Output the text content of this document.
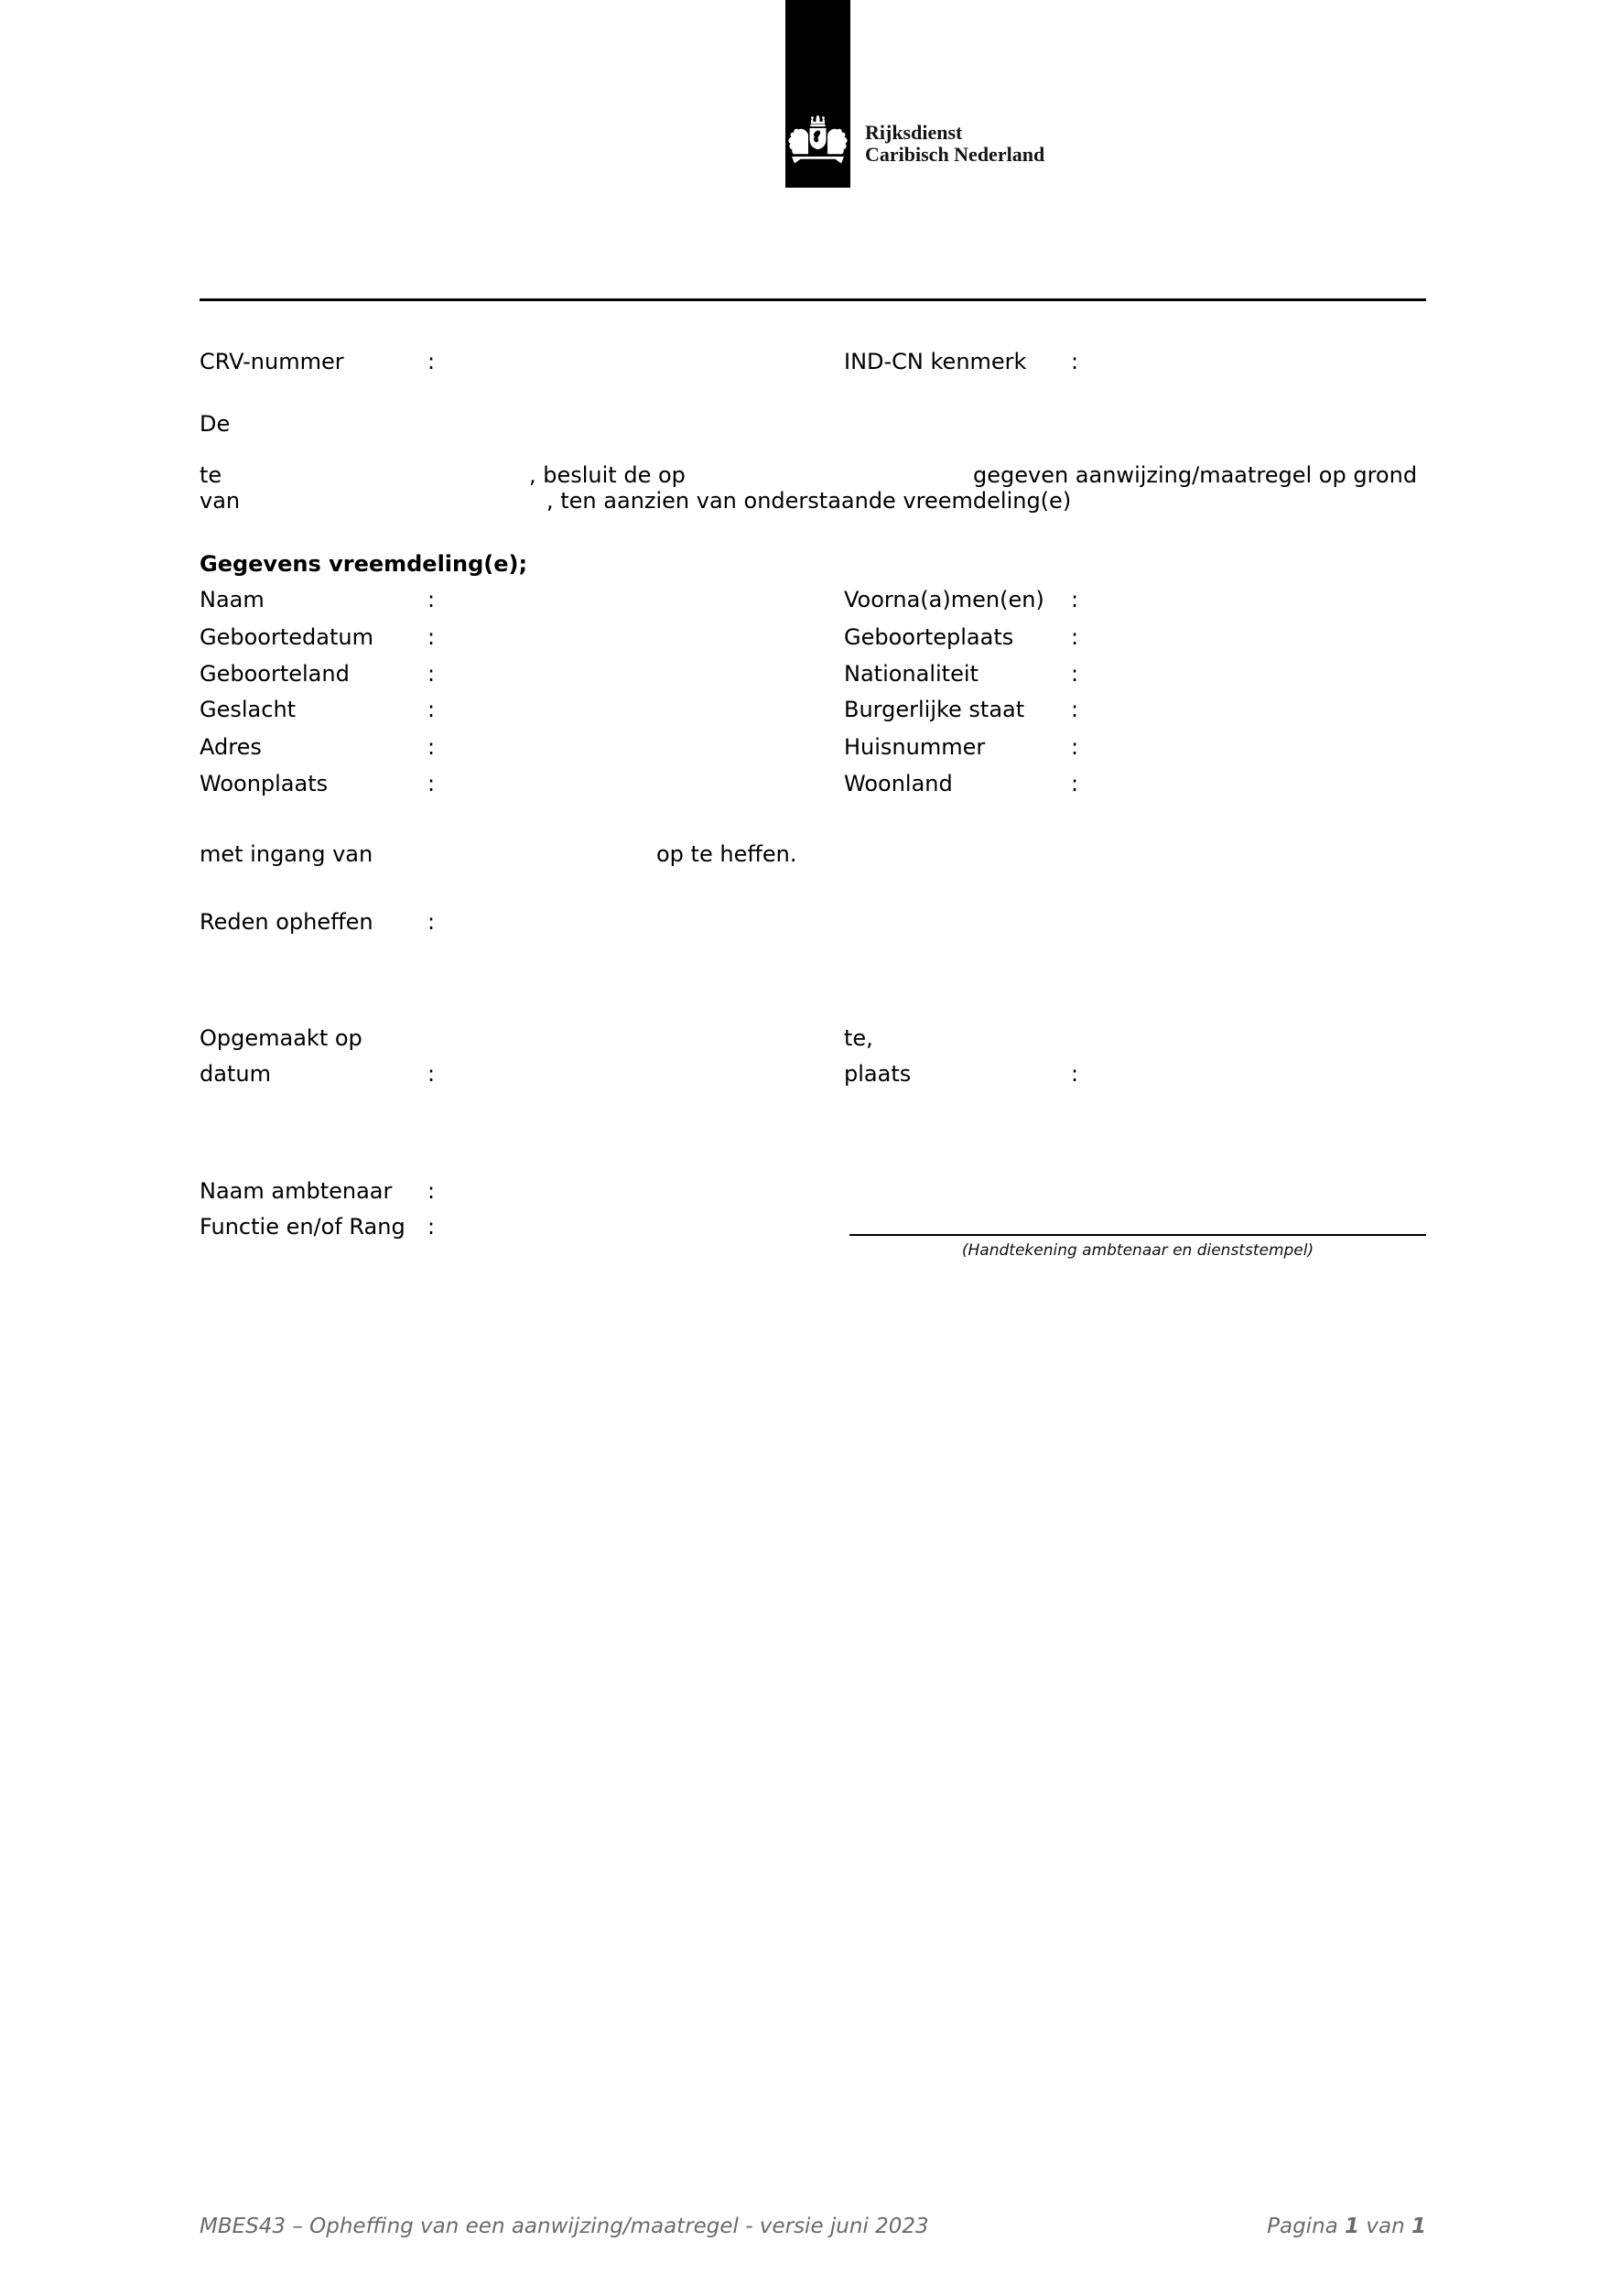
Rijksdienst
Caribisch Nederland
CRV-nummer	:	IND-CN kenmerk :
De
te	, besluit de op	gegeven aanwijzing/maatregel op grond
van	, ten aanzien van onderstaande vreemdeling(e)
Gegevens vreemdeling(e);
Naam	:	Voorna(a)men(en) :
Geboortedatum :	Geboorteplaats	:
Geboorteland	:	Nationaliteit	:
Geslacht	:	Burgerlijke staat :
Adres	:	Huisnummer	:
Woonplaats	:	Woonland	:
met ingang van	op te heffen.
Reden opheffen :
Opgemaakt op	te,
datum	:	plaats	:
Naam ambtenaar :
Functie en/of Rang :
(Handtekening ambtenaar en dienststempel)
MBES43 – Opheffing van een aanwijzing/maatregel - versie juni 2023	Pagina 1 van 1
